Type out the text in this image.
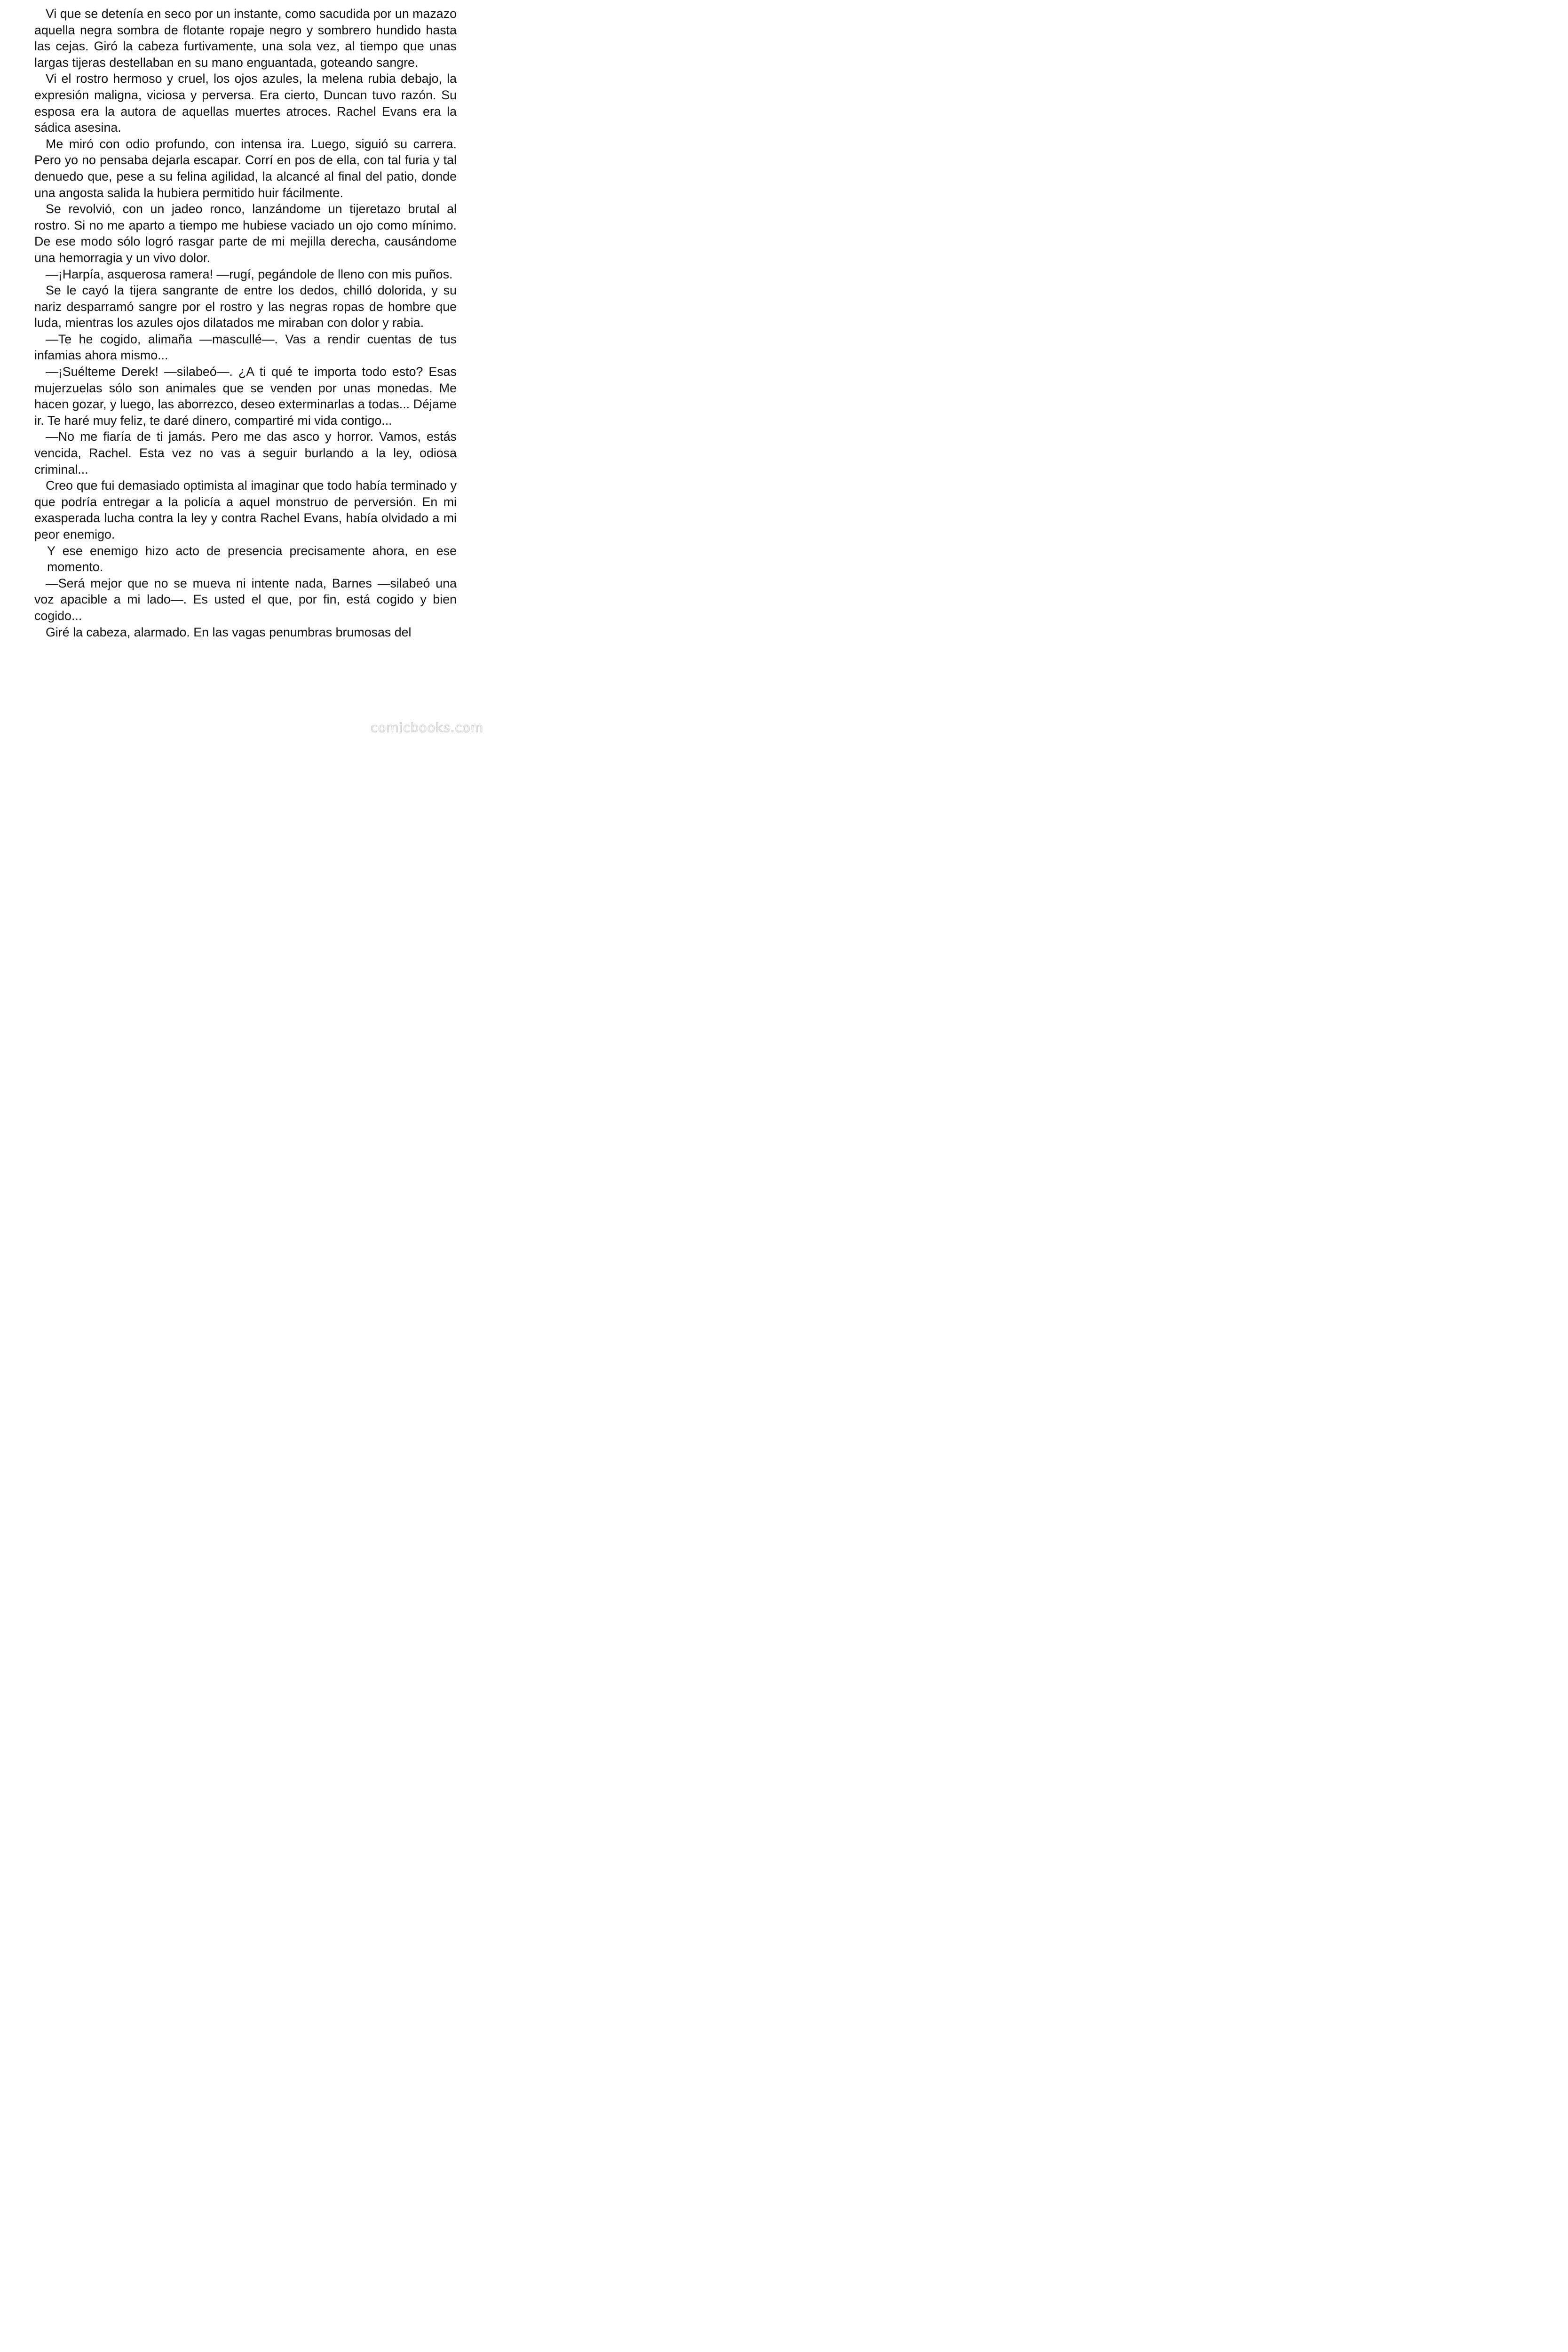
Vi que se detenía en seco por un instante, como sacudida por un mazazo aquella negra sombra de flotante ropaje negro y sombrero hundido hasta las cejas. Giró la cabeza furtivamente, una sola vez, al tiempo que unas largas tijeras destellaban en su mano enguantada, goteando sangre.

Vi el rostro hermoso y cruel, los ojos azules, la melena rubia debajo, la expresión maligna, viciosa y perversa. Era cierto, Duncan tuvo razón. Su esposa era la autora de aquellas muertes atroces. Rachel Evans era la sádica asesina.

Me miró con odio profundo, con intensa ira. Luego, siguió su carrera. Pero yo no pensaba dejarla escapar. Corrí en pos de ella, con tal furia y tal denuedo que, pese a su felina agilidad, la alcancé al final del patio, donde una angosta salida la hubiera permitido huir fácilmente.

Se revolvió, con un jadeo ronco, lanzándome un tijeretazo brutal al rostro. Si no me aparto a tiempo me hubiese vaciado un ojo como mínimo. De ese modo sólo logró rasgar parte de mi mejilla derecha, causándome una hemorragia y un vivo dolor.

—¡Harpía, asquerosa ramera! —rugí, pegándole de lleno con mis puños.

Se le cayó la tijera sangrante de entre los dedos, chilló dolorida, y su nariz desparramó sangre por el rostro y las negras ropas de hombre que luda, mientras los azules ojos dilatados me miraban con dolor y rabia.

—Te he cogido, alimaña —mascullé—. Vas a rendir cuentas de tus infamias ahora mismo...

—¡Suélteme Derek! —silabeó—. ¿A ti qué te importa todo esto? Esas mujerzuelas sólo son animales que se venden por unas monedas. Me hacen gozar, y luego, las aborrezco, deseo exterminarlas a todas... Déjame ir. Te haré muy feliz, te daré dinero, compartiré mi vida contigo...

—No me fiaría de ti jamás. Pero me das asco y horror. Vamos, estás vencida, Rachel. Esta vez no vas a seguir burlando a la ley, odiosa criminal...

Creo que fui demasiado optimista al imaginar que todo había terminado y que podría entregar a la policía a aquel monstruo de perversión. En mi exasperada lucha contra la ley y contra Rachel Evans, había olvidado a mi peor enemigo.

Y ese enemigo hizo acto de presencia precisamente ahora, en ese momento.

—Será mejor que no se mueva ni intente nada, Barnes —silabeó una voz apacible a mi lado—. Es usted el que, por fin, está cogido y bien cogido...

Giré la cabeza, alarmado. En las vagas penumbras brumosas del

comicbooks.com
